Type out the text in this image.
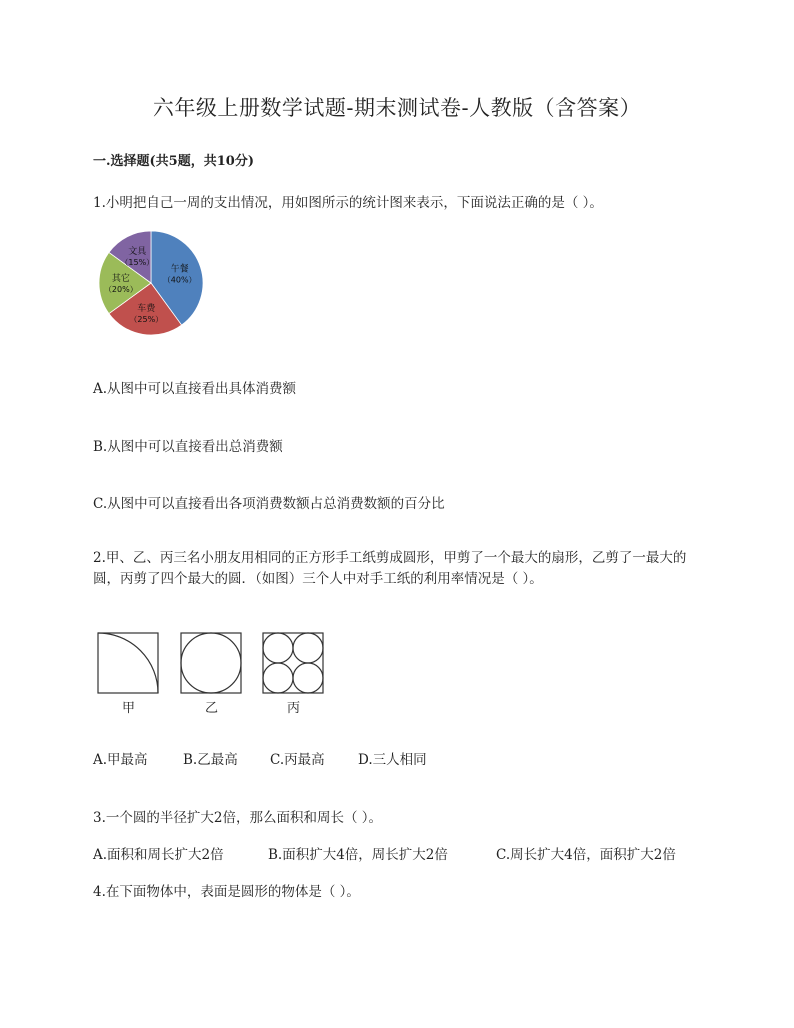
六年级上册数学试题-期末测试卷-人教版（含答案）
一.选择题(共5题，共10分)
1.小明把自己一周的支出情况，用如图所示的统计图来表示，下面说法正确的是（ ）。
午餐
（40%）
车费
（25%）
其它
（20%）
文具
（15%）
A.从图中可以直接看出具体消费额
B.从图中可以直接看出总消费额
C.从图中可以直接看出各项消费数额占总消费数额的百分比
2.甲、乙、丙三名小朋友用相同的正方形手工纸剪成圆形，甲剪了一个最大的扇形，乙剪了一最大的圆，丙剪了四个最大的圆．（如图）三个人中对手工纸的利用率情况是（ ）。
甲	乙	丙
A.甲最高	B.乙最高 C.丙最高 D.三人相同
3.一个圆的半径扩大2倍，那么面积和周长（ ）。
A.面积和周长扩大2倍	B.面积扩大4倍，周长扩大2倍	C.周长扩大4倍，面积扩大2倍
4.在下面物体中，表面是圆形的物体是（ ）。
